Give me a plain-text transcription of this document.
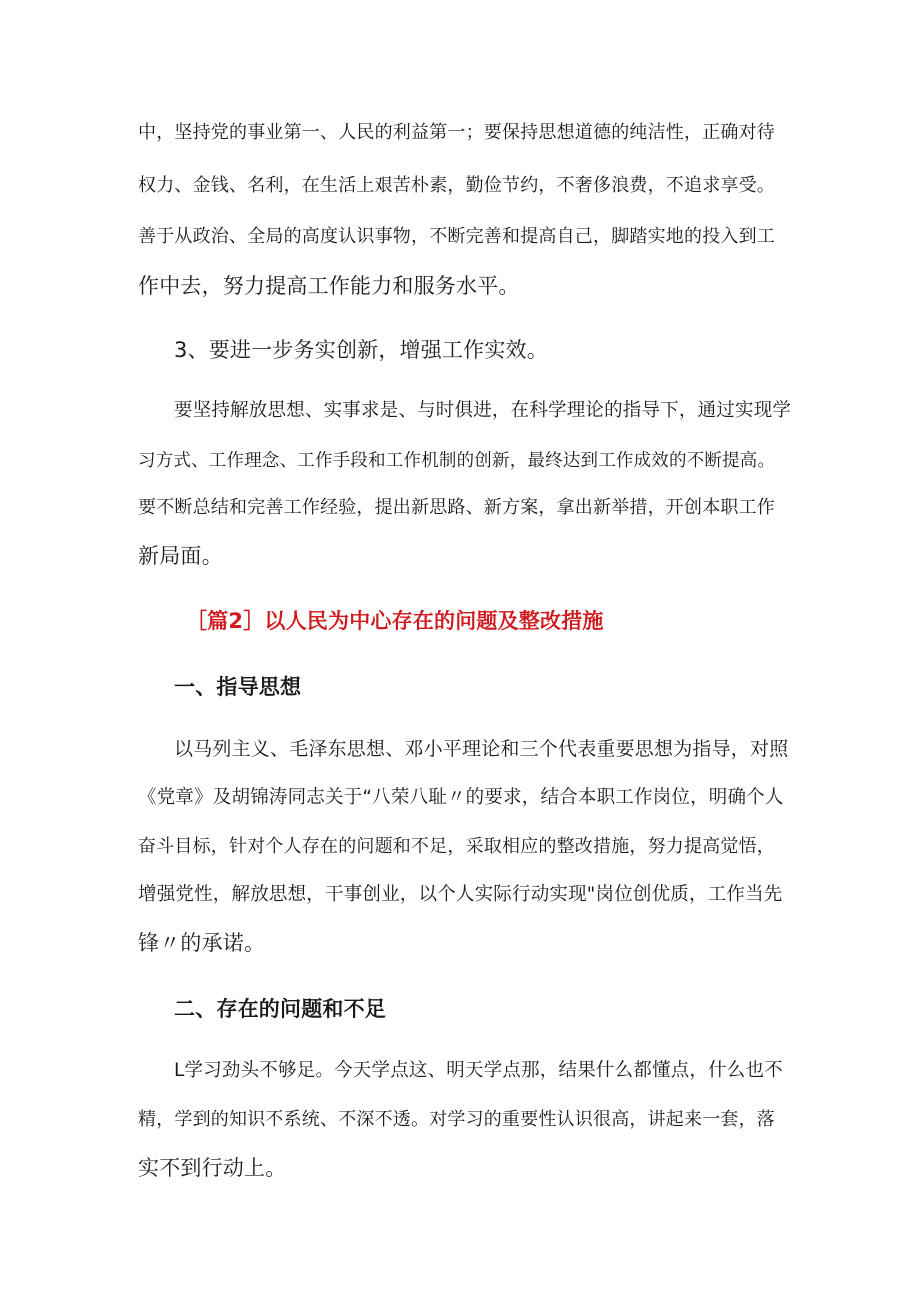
中，坚持党的事业第一、人民的利益第一；要保持思想道德的纯洁性，正确对待

权力、金钱、名利，在生活上艰苦朴素，勤俭节约，不奢侈浪费，不追求享受。

善于从政治、全局的高度认识事物，不断完善和提高自己，脚踏实地的投入到工

作中去，努力提高工作能力和服务水平。

3、要进一步务实创新，增强工作实效。

要坚持解放思想、实事求是、与时俱进，在科学理论的指导下，通过实现学

习方式、工作理念、工作手段和工作机制的创新，最终达到工作成效的不断提高。

要不断总结和完善工作经验，提出新思路、新方案，拿出新举措，开创本职工作

新局面。

［篇2］以人民为中心存在的问题及整改措施

一、指导思想

以马列主义、毛泽东思想、邓小平理论和三个代表重要思想为指导，对照

《党章》及胡锦涛同志关于“八荣八耻〃的要求，结合本职工作岗位，明确个人

奋斗目标，针对个人存在的问题和不足，采取相应的整改措施，努力提高觉悟，

增强党性，解放思想，干事创业，以个人实际行动实现"岗位创优质，工作当先

锋〃的承诺。

二、存在的问题和不足

L学习劲头不够足。今天学点这、明天学点那，结果什么都懂点，什么也不

精，学到的知识不系统、不深不透。对学习的重要性认识很高，讲起来一套，落

实不到行动上。
